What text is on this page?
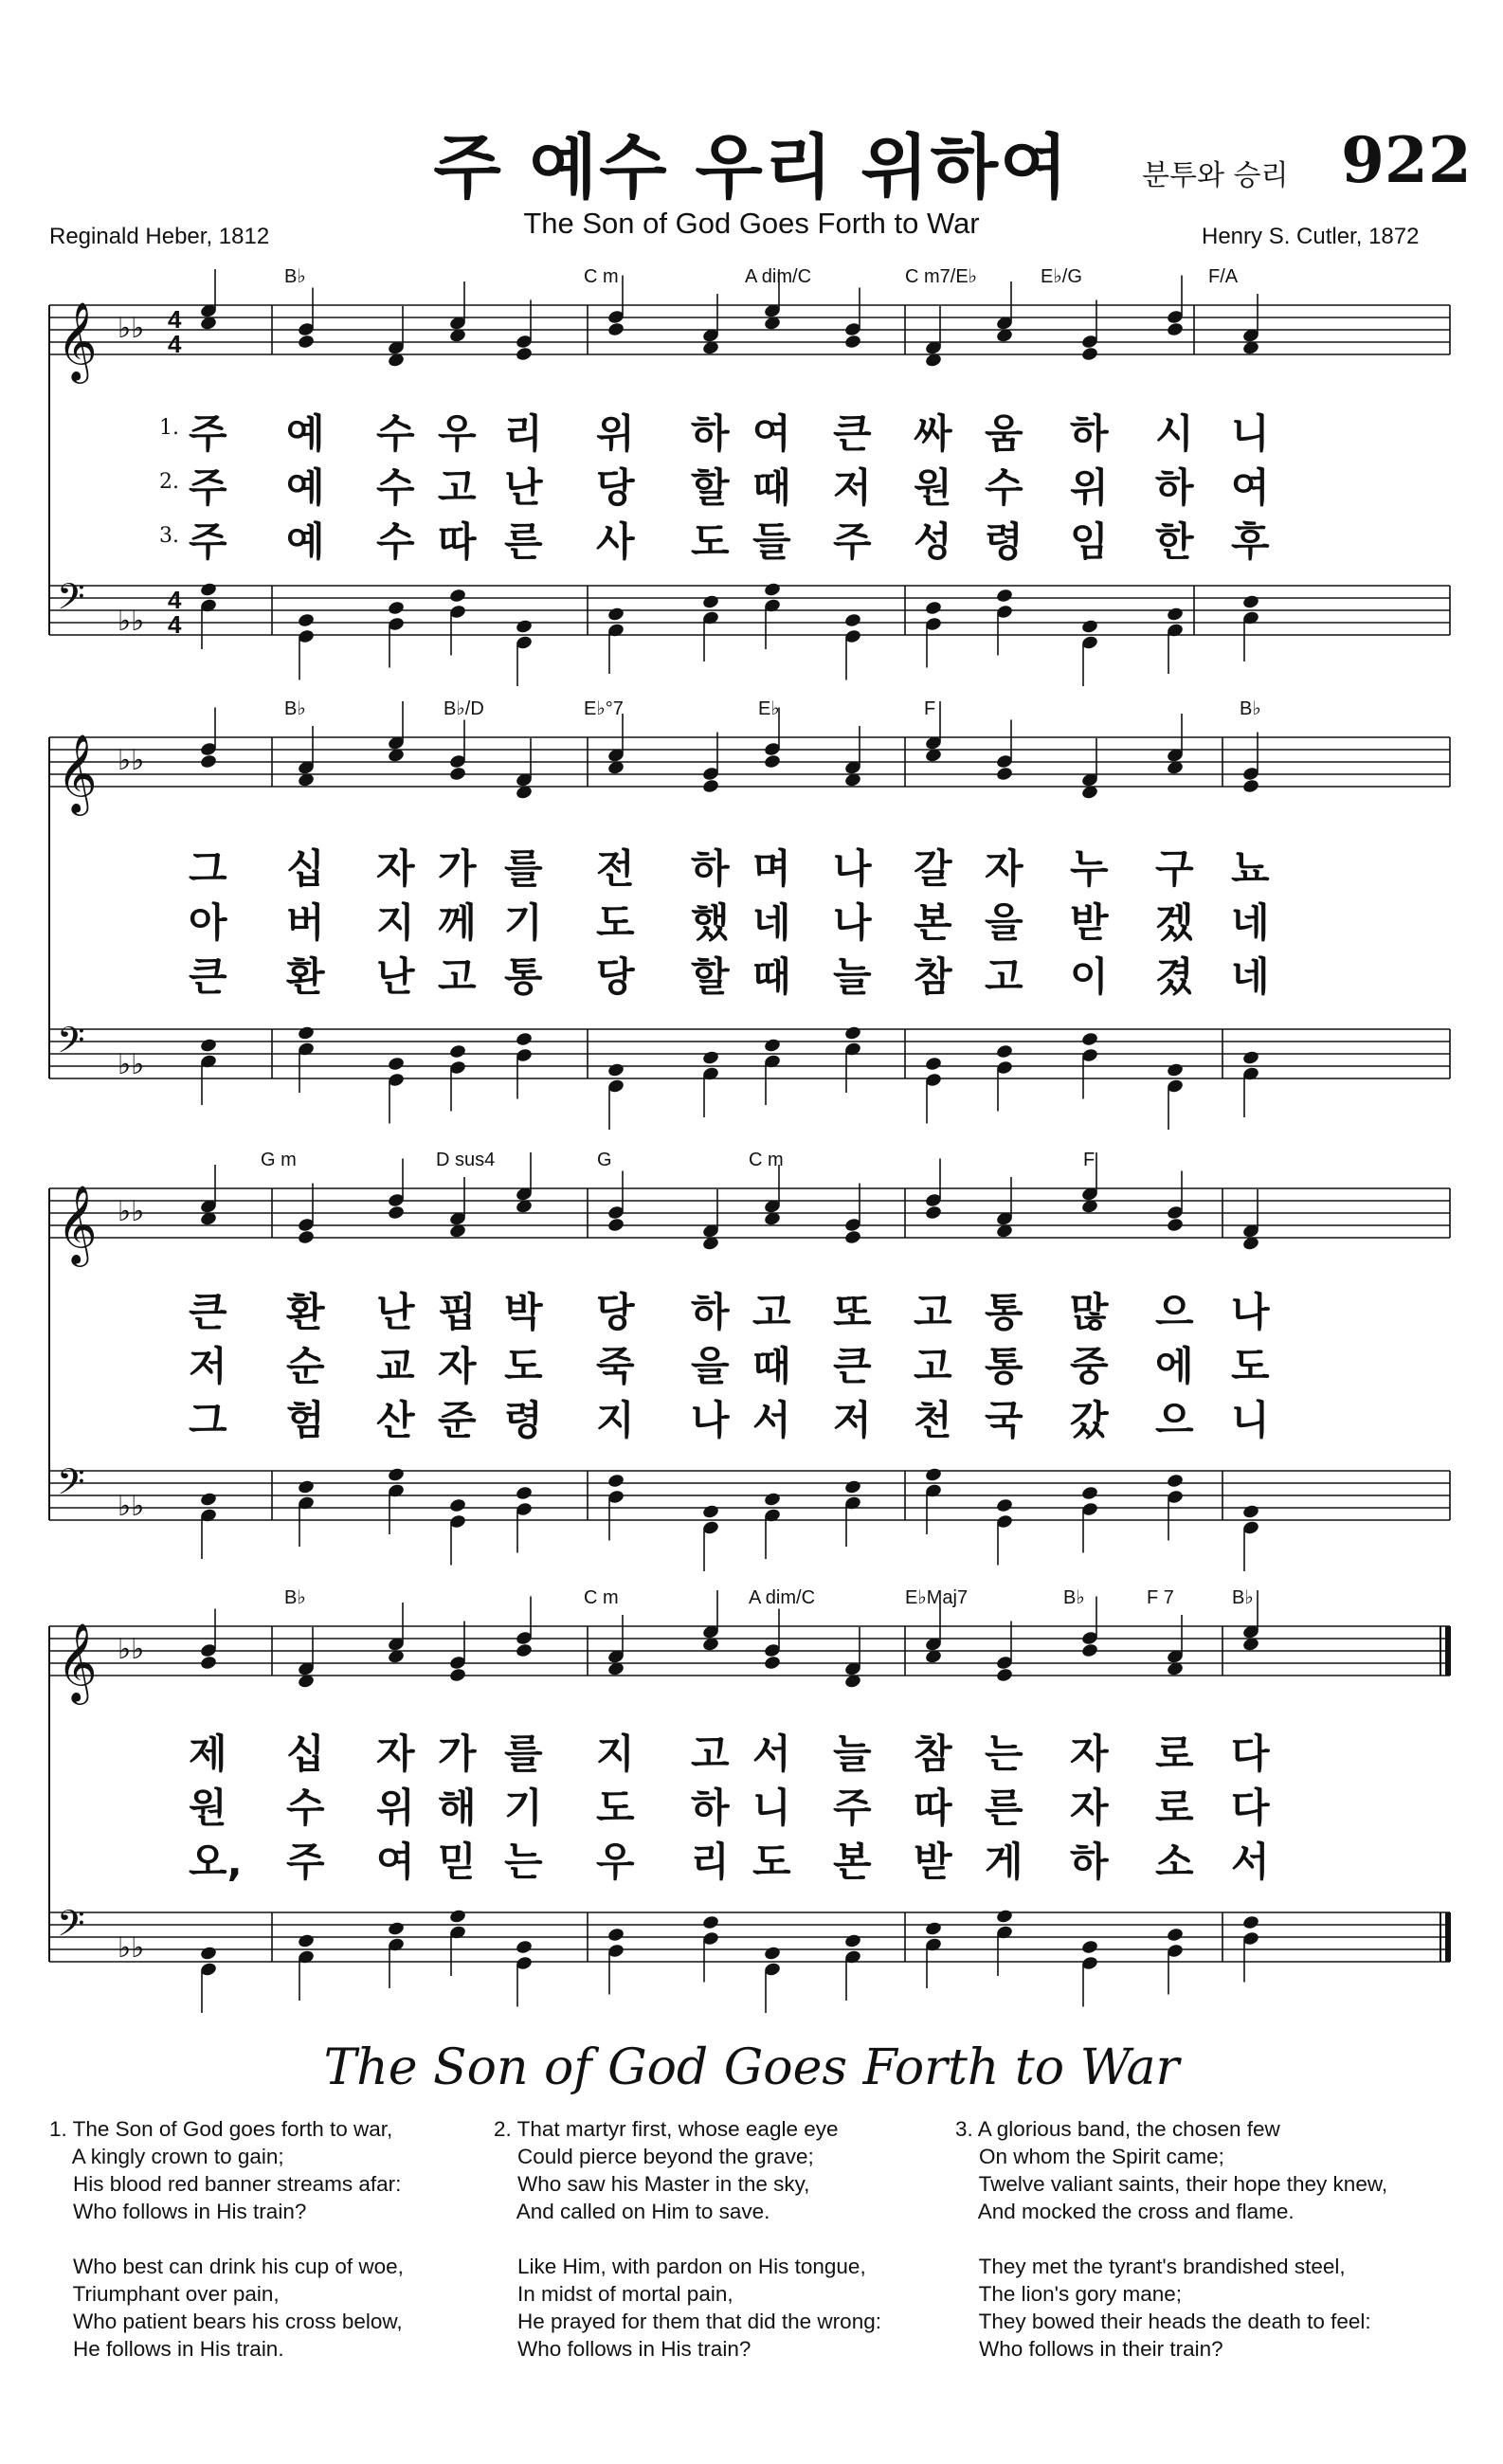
주 예수 우리 위하여	분투와 승리 922
The Son of God Goes Forth to War
Reginald Heber, 1812	Henry S. Cutler, 1872
𝄞 ♭♭ 4
4
𝄢 ♭♭
4
4
B♭	C m	A dim/C	C m7/E♭	E♭/G	F/A
𝄞 ♭♭
𝄢 ♭♭
B♭	B♭/D	E♭°7	E♭	F	B♭
𝄞 ♭♭
𝄢 ♭♭
G m	D sus4	G	C m	F
𝄞 ♭♭
𝄢 ♭♭
B♭	C m	A dim/C	E♭Maj7	B♭	F 7	B♭
The Son of God Goes Forth to War
1. The Son of God goes forth to war,
A kingly crown to gain;
His blood red banner streams afar:
Who follows in His train?

Who best can drink his cup of woe,
Triumphant over pain,
Who patient bears his cross below,
He follows in His train.
2. That martyr first, whose eagle eye
Could pierce beyond the grave;
Who saw his Master in the sky,
And called on Him to save.

Like Him, with pardon on His tongue,
In midst of mortal pain,
He prayed for them that did the wrong:
Who follows in His train?
3. A glorious band, the chosen few
On whom the Spirit came;
Twelve valiant saints, their hope they knew,
And mocked the cross and flame.

They met the tyrant's brandished steel,
The lion's gory mane;
They bowed their heads the death to feel:
Who follows in their train?
1. 주 예 수 우 리 위 하 여 큰 싸 움 하 시 니
2. 주 예 수 고 난 당 할 때 저 원 수 위 하 여
3. 주 예 수 따 른 사 도 들 주 성 령 임 한 후
그 십 자 가 를 전 하 며 나 갈 자 누 구 뇨
아 버 지 께 기 도 했 네 나 본 을 받 겠 네
큰 환 난 고 통 당 할 때 늘 참 고 이 겼 네
큰 환 난 핍 박 당 하 고 또 고 통 많 으 나
저 순 교 자 도 죽 을 때 큰 고 통 중 에 도
그 험 산 준 령 지 나 서 저 천 국 갔 으 니
제 십 자 가 를 지 고 서 늘 참 는 자 로 다
원 수 위 해 기 도 하 니 주 따 른 자 로 다
오, 주 여 믿 는 우 리 도 본 받 게 하 소 서
